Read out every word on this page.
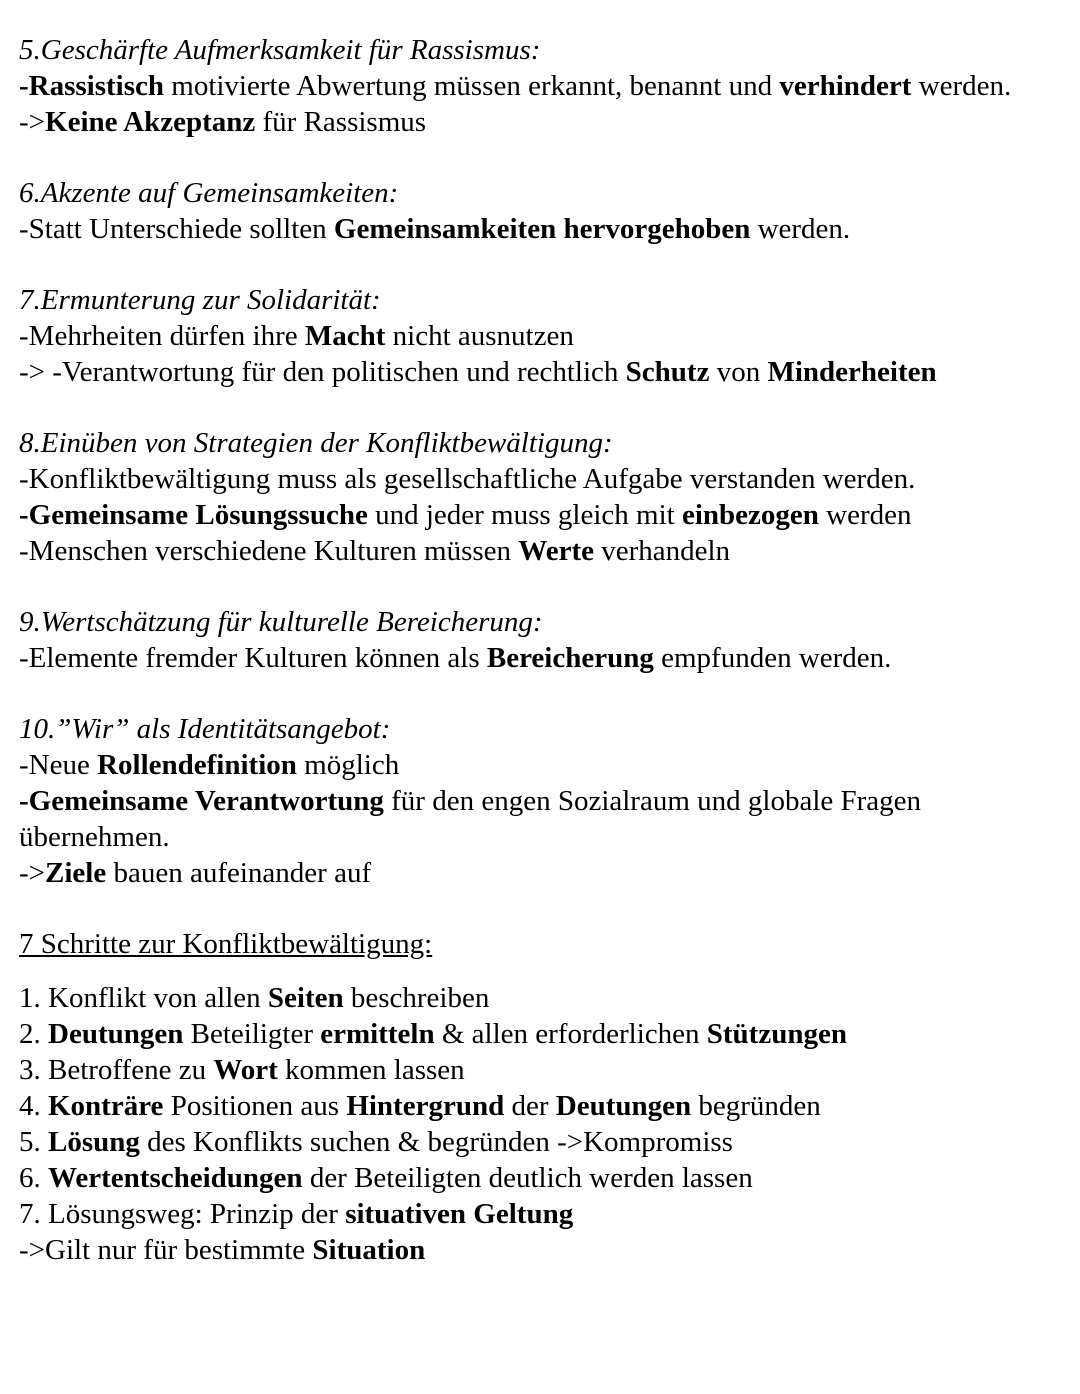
5.Geschärfte Aufmerksamkeit für Rassismus:
-Rassistisch motivierte Abwertung müssen erkannt, benannt und verhindert werden.
->Keine Akzeptanz für Rassismus
6.Akzente auf Gemeinsamkeiten:
-Statt Unterschiede sollten Gemeinsamkeiten hervorgehoben werden.
7.Ermunterung zur Solidarität:
-Mehrheiten dürfen ihre Macht nicht ausnutzen
-> -Verantwortung für den politischen und rechtlich Schutz von Minderheiten
8.Einüben von Strategien der Konfliktbewältigung:
-Konfliktbewältigung muss als gesellschaftliche Aufgabe verstanden werden.
-Gemeinsame Lösungssuche und jeder muss gleich mit einbezogen werden
-Menschen verschiedene Kulturen müssen Werte verhandeln
9.Wertschätzung für kulturelle Bereicherung:
-Elemente fremder Kulturen können als Bereicherung empfunden werden.
10.”Wir” als Identitätsangebot:
-Neue Rollendefinition möglich
-Gemeinsame Verantwortung für den engen Sozialraum und globale Fragen übernehmen.
->Ziele bauen aufeinander auf
7 Schritte zur Konfliktbewältigung:
1. Konflikt von allen Seiten beschreiben
2. Deutungen Beteiligter ermitteln & allen erforderlichen Stützungen
3. Betroffene zu Wort kommen lassen
4. Konträre Positionen aus Hintergrund der Deutungen begründen
5. Lösung des Konflikts suchen & begründen ->Kompromiss
6. Wertentscheidungen der Beteiligten deutlich werden lassen
7. Lösungsweg: Prinzip der situativen Geltung
->Gilt nur für bestimmte Situation
